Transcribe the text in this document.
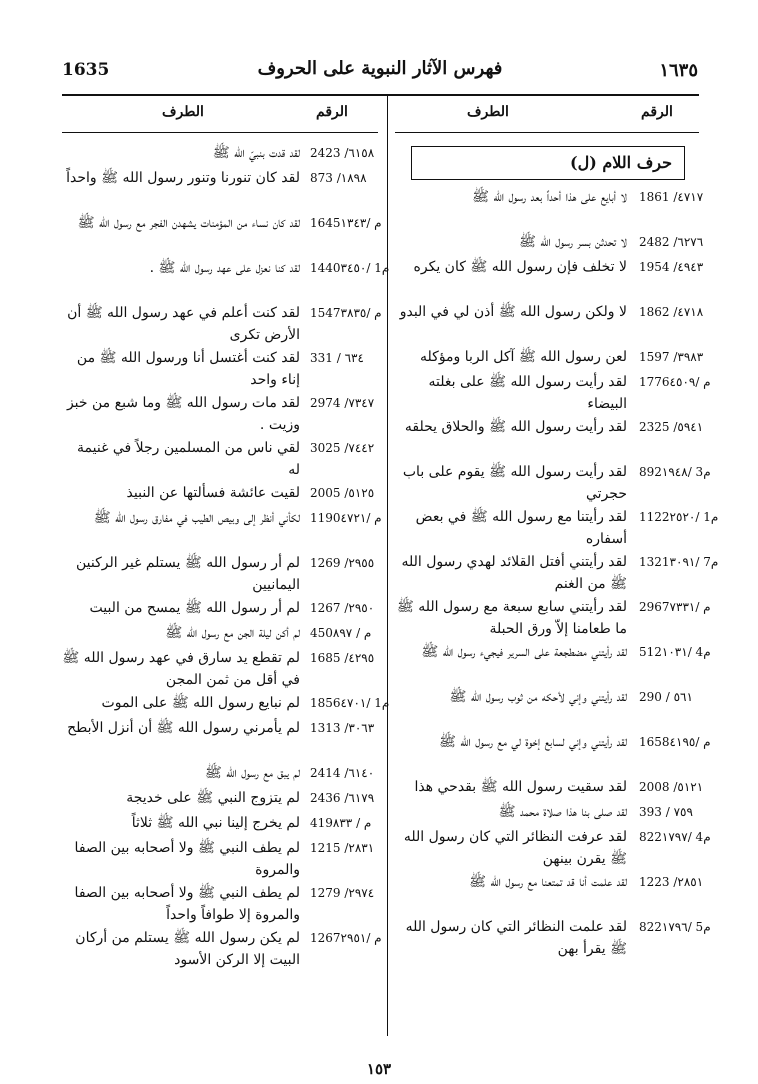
1635	فهرس الآثار النبوية على الحروف	١٦٣٥
الرقم
الطرف
2423 /٦١٥٨
لقد قدت بنبيّ الله ﷺ
873 /١٨٩٨
لقد كان تنورنا وتنور رسول الله ﷺ واحداً
1645م /١٣٤٣
لقد كان نساء من المؤمنات يشهدن الفجر مع رسول الله ﷺ
1440م1 /٣٤٥٠
لقد كنا نعزل على عهد رسول الله ﷺ .
1547م /٣٨٣٥
لقد كنت أعلم في عهد رسول الله ﷺ أن الأرض تكرى
331 / ٦٣٤
لقد كنت أغتسل أنا ورسول الله ﷺ من إناء واحد
2974 /٧٣٤٧
لقد مات رسول الله ﷺ وما شبع من خبز وزيت .
3025 /٧٤٤٢
لقي ناس من المسلمين رجلاً في غنيمة له
2005 /٥١٢٥
لقيت عائشة فسألتها عن النبيذ
1190م /٤٧٢١
لكأني أنظر إلى وبيص الطيب في مفارق رسول الله ﷺ
1269 /٢٩٥٥
لم أر رسول الله ﷺ يستلم غير الركنين اليمانيين
1267 /٢٩٥٠
لم أر رسول الله ﷺ يمسح من البيت
450م / ٨٩٧
لم أكن ليلة الجن مع رسول الله ﷺ
1685 /٤٢٩٥
لم تقطع يد سارق في عهد رسول الله ﷺ في أقل من ثمن المجن
1856م1 /٤٧٠١
لم نبايع رسول الله ﷺ على الموت
1313 /٣٠٦٣
لم يأمرني رسول الله ﷺ أن أنزل الأبطح
2414 /٦١٤٠
لم يبق مع رسول الله ﷺ
2436 /٦١٧٩
لم يتزوج النبي ﷺ على خديجة
419م / ٨٣٣
لم يخرج إلينا نبي الله ﷺ ثلاثاً
1215 /٢٨٣١
لم يطف النبي ﷺ ولا أصحابه بين الصفا والمروة
1279 /٢٩٧٤
لم يطف النبي ﷺ ولا أصحابه بين الصفا والمروة إلا طوافاً واحداً
1267م /٢٩٥١
لم يكن رسول الله ﷺ يستلم من أركان البيت إلا الركن الأسود
الرقم
الطرف
حرف اللام (ل)
1861 /٤٧١٧
لا أبايع على هذا أحداً بعد رسول الله ﷺ
2482 /٦٢٧٦
لا تحدثن بسر رسول الله ﷺ
1954 /٤٩٤٣
لا تخلف فإن رسول الله ﷺ كان يكره
1862 /٤٧١٨
لا ولكن رسول الله ﷺ أذن لي في البدو
1597 /٣٩٨٣
لعن رسول الله ﷺ آكل الربا ومؤكله
1776م /٤٥٠٩
لقد رأيت رسول الله ﷺ على بغلته البيضاء
2325 /٥٩٤١
لقد رأيت رسول الله ﷺ والحلاق يحلقه
892م3 /١٩٤٨
لقد رأيت رسول الله ﷺ يقوم على باب حجرتي
1122م1 /٢٥٢٠
لقد رأيتنا مع رسول الله ﷺ في بعض أسفاره
1321م7 /٣٠٩١
لقد رأيتني أفتل القلائد لهدي رسول الله ﷺ من الغنم
2967م /٧٣٣١
لقد رأيتني سابع سبعة مع رسول الله ﷺ ما طعامنا إلاّ ورق الحبلة
512م4 /١٠٣١
لقد رأيتني مضطجعة على السرير فيجيء رسول الله ﷺ
290 / ٥٦١
لقد رأيتني وإني لأحكه من ثوب رسول الله ﷺ
1658م /٤١٩٥
لقد رأيتني وإني لسابع إخوة لي مع رسول الله ﷺ
2008 /٥١٢١
لقد سقيت رسول الله ﷺ بقدحي هذا
393 / ٧٥٩
لقد صلى بنا هذا صلاة محمد ﷺ
822م4 /١٧٩٧
لقد عرفت النظائر التي كان رسول الله ﷺ يقرن بينهن
1223 /٢٨٥١
لقد علمت أنا قد تمتعنا مع رسول الله ﷺ
822م5 /١٧٩٦
لقد علمت النظائر التي كان رسول الله ﷺ يقرأ بهن
١٥٣
